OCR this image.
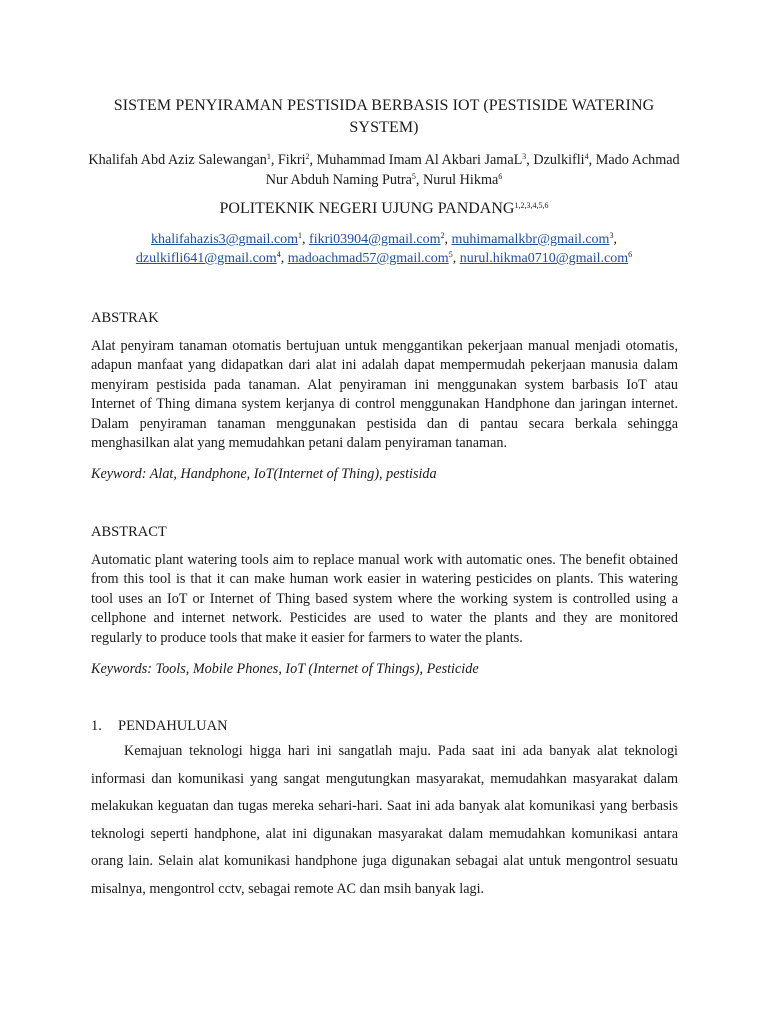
SISTEM PENYIRAMAN PESTISIDA BERBASIS IOT (PESTISIDE WATERING SYSTEM)
Khalifah Abd Aziz Salewangan$^1$, Fikri$^2$, Muhammad Imam Al Akbari JamaL$^3$, Dzulkifli$^4$, Mado Achmad Nur Abduh Naming Putra$^5$, Nurul Hikma$^6$
POLITEKNIK NEGERI UJUNG PANDANG$^{1,2,3,4,5,6}$
khalifahazis3@gmail.com$^1$, fikri03904@gmail.com$^2$, muhimamalkbr@gmail.com$^3$,
dzulkifli641@gmail.com$^4$, madoachmad57@gmail.com$^5$, nurul.hikma0710@gmail.com$^6$
ABSTRAK
Alat penyiram tanaman otomatis bertujuan untuk menggantikan pekerjaan manual menjadi otomatis, adapun manfaat yang didapatkan dari alat ini adalah dapat mempermudah pekerjaan manusia dalam menyiram pestisida pada tanaman. Alat penyiraman ini menggunakan system barbasis IoT atau Internet of Thing dimana system kerjanya di control menggunakan Handphone dan jaringan internet. Dalam penyiraman tanaman menggunakan pestisida dan di pantau secara berkala sehingga menghasilkan alat yang memudahkan petani dalam penyiraman tanaman.
Keyword: Alat, Handphone, IoT(Internet of Thing), pestisida
ABSTRACT
Automatic plant watering tools aim to replace manual work with automatic ones. The benefit obtained from this tool is that it can make human work easier in watering pesticides on plants. This watering tool uses an IoT or Internet of Thing based system where the working system is controlled using a cellphone and internet network. Pesticides are used to water the plants and they are monitored regularly to produce tools that make it easier for farmers to water the plants.
Keywords: Tools, Mobile Phones, IoT (Internet of Things), Pesticide
1. PENDAHULUAN
Kemajuan teknologi higga hari ini sangatlah maju. Pada saat ini ada banyak alat teknologi informasi dan komunikasi yang sangat mengutungkan masyarakat, memudahkan masyarakat dalam melakukan keguatan dan tugas mereka sehari-hari. Saat ini ada banyak alat komunikasi yang berbasis teknologi seperti handphone, alat ini digunakan masyarakat dalam memudahkan komunikasi antara orang lain. Selain alat komunikasi handphone juga digunakan sebagai alat untuk mengontrol sesuatu misalnya, mengontrol cctv, sebagai remote AC dan msih banyak lagi.
